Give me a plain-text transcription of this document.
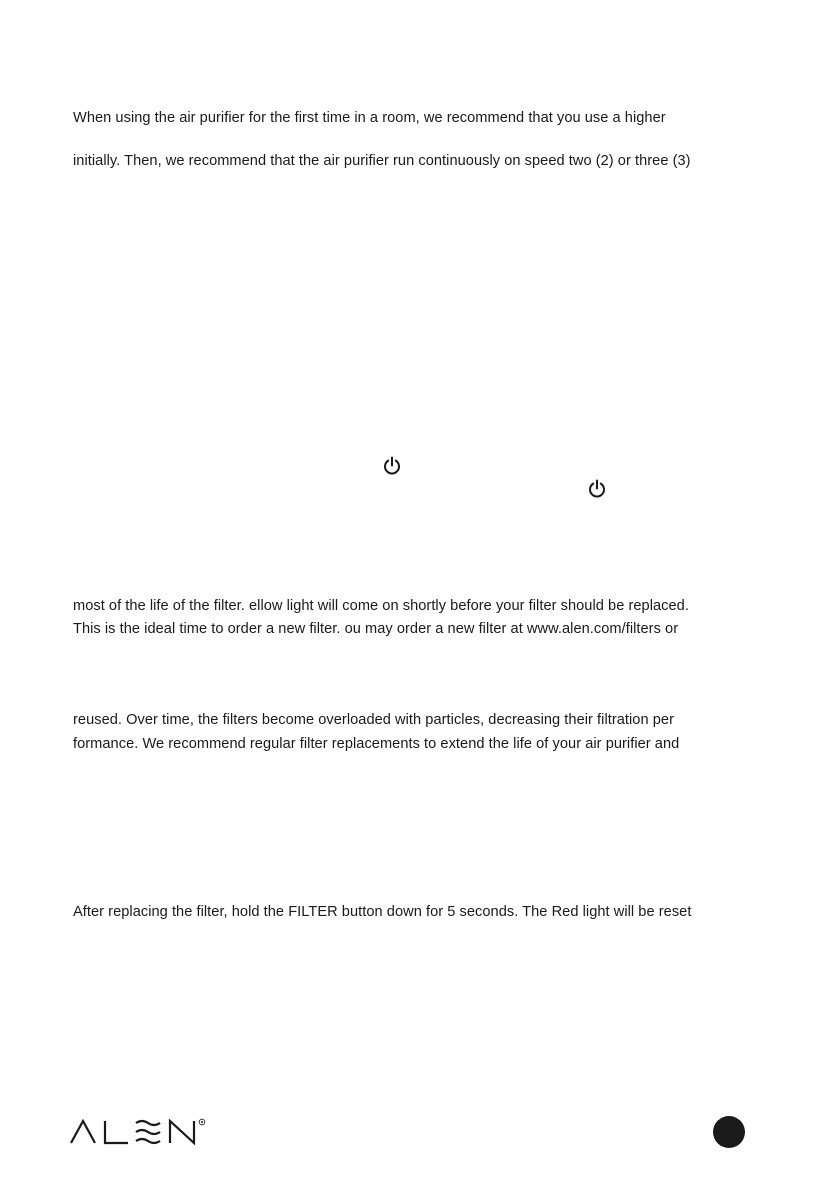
When using the air purifier for the first time in a room, we recommend that you use a higher
initially. Then, we recommend that the air purifier run continuously on speed two (2) or three (3)
most of the life of the filter. ellow light will come on shortly before your filter should be replaced.
This is the ideal time to order a new filter. ou may order a new filter at www.alen.com/filters or
reused. Over time, the filters become overloaded with particles, decreasing their filtration per
formance. We recommend regular filter replacements to extend the life of your air purifier and
After replacing the filter, hold the FILTER button down for 5 seconds. The Red light will be reset
